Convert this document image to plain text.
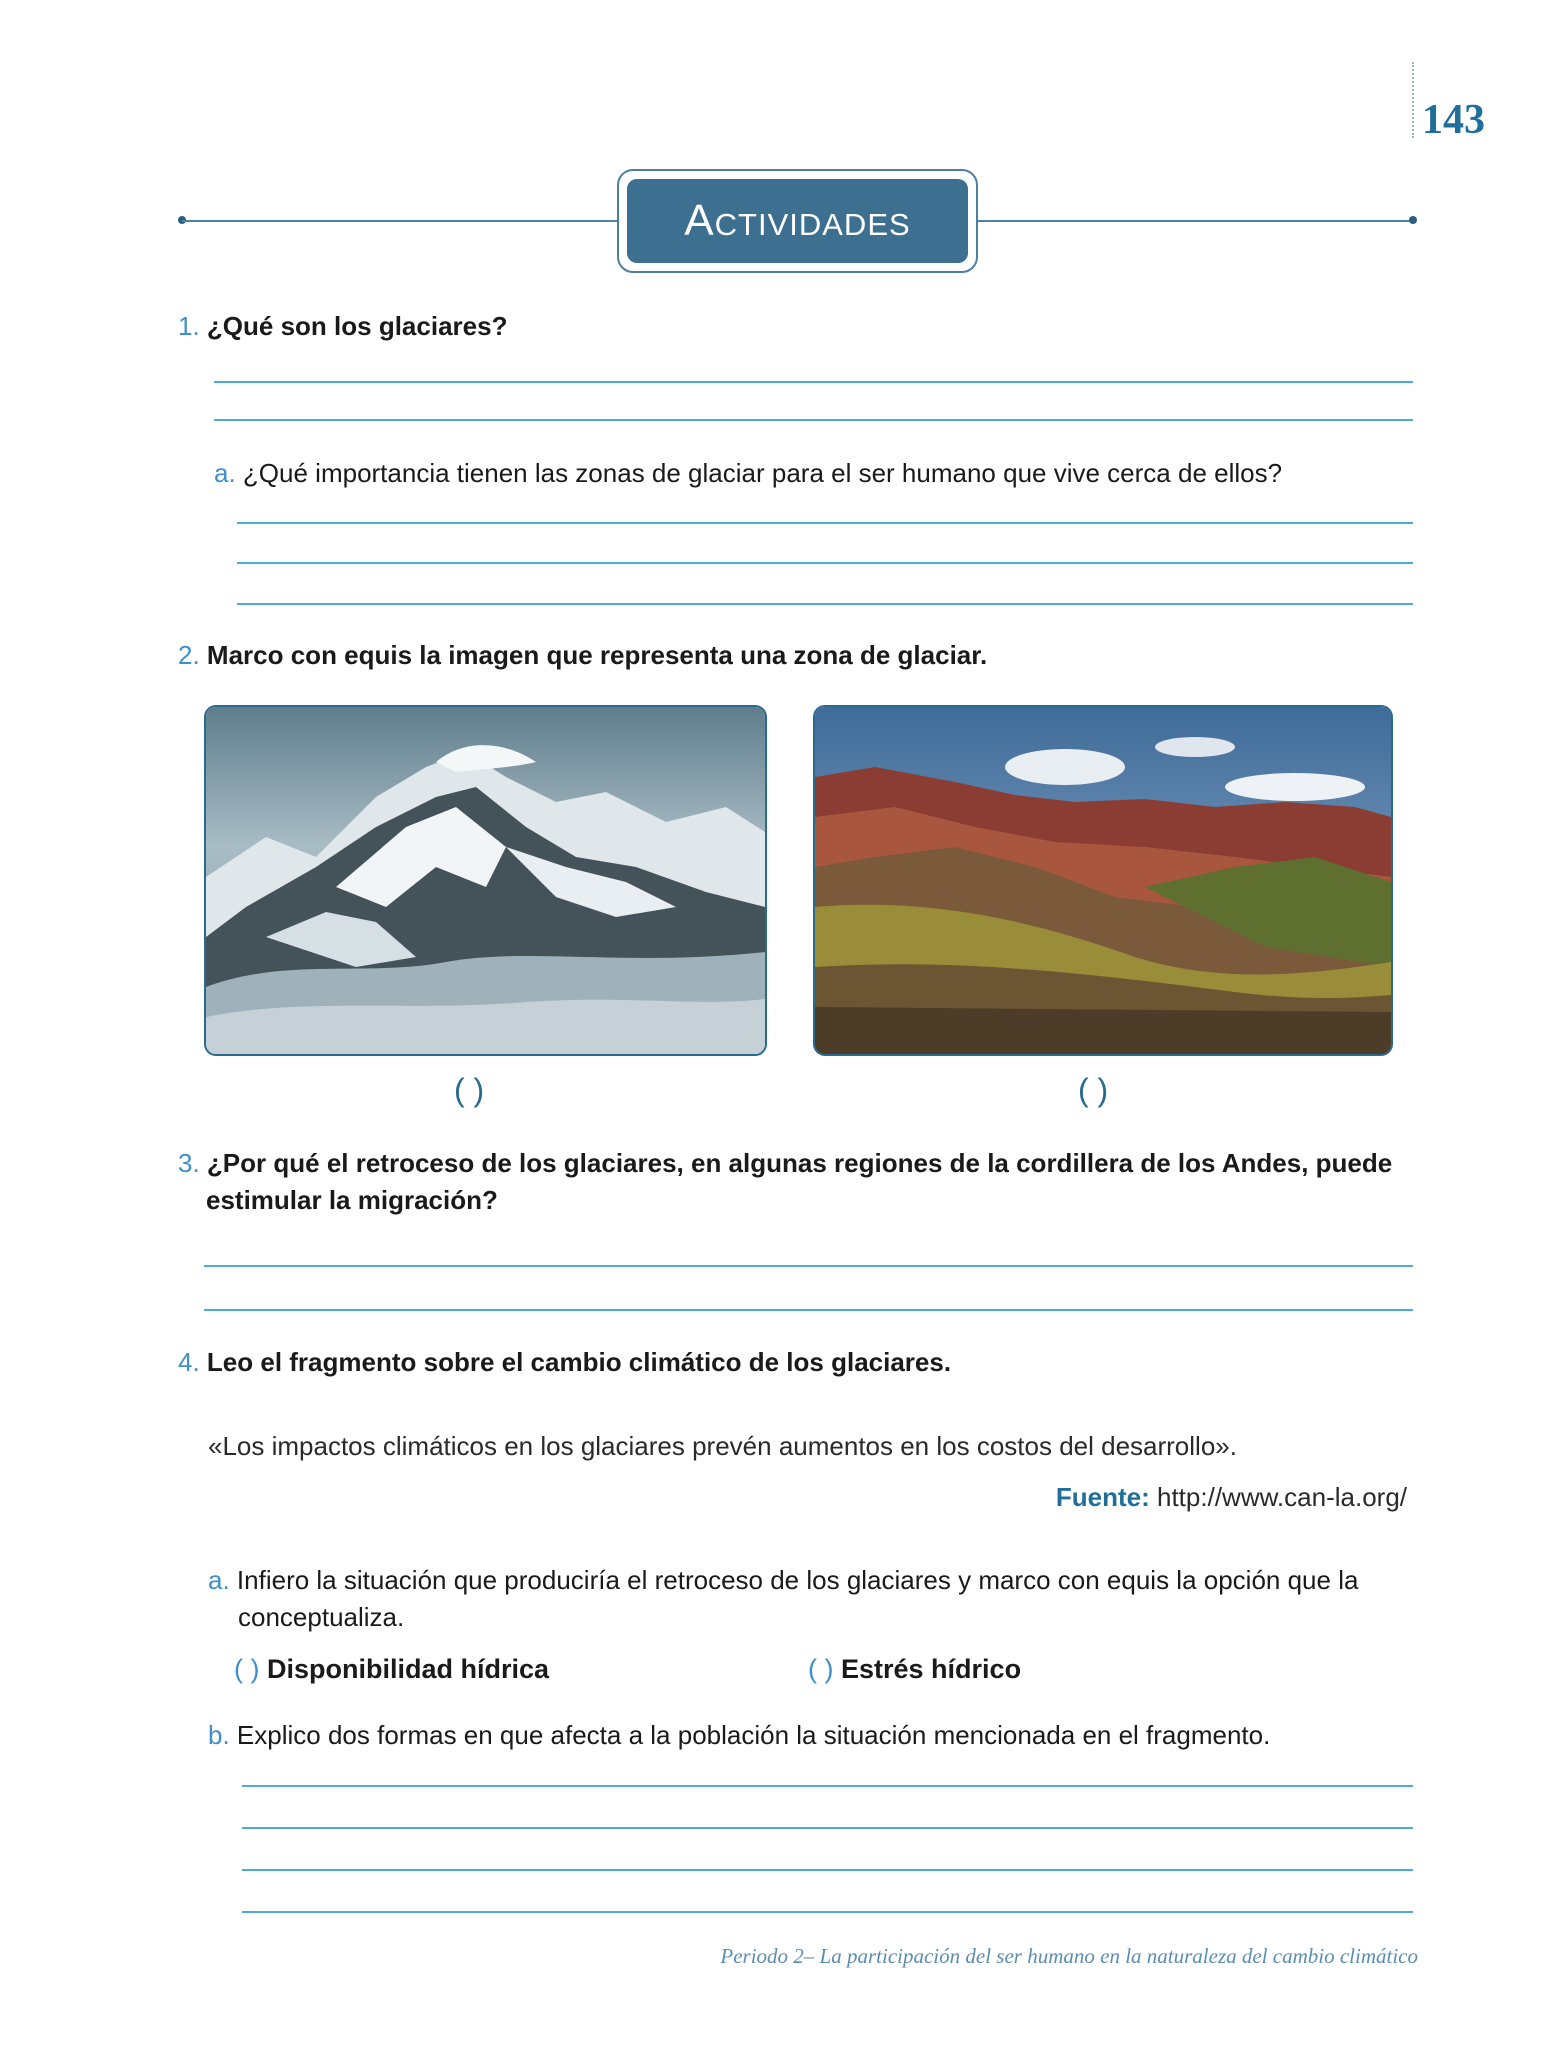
143
Actividades
1. ¿Qué son los glaciares?
a. ¿Qué importancia tienen las zonas de glaciar para el ser humano que vive cerca de ellos?
2. Marco con equis la imagen que representa una zona de glaciar.
( )	( )
3. ¿Por qué el retroceso de los glaciares, en algunas regiones de la cordillera de los Andes, puede
estimular la migración?
4. Leo el fragmento sobre el cambio climático de los glaciares.
«Los impactos climáticos en los glaciares prevén aumentos en los costos del desarrollo».
Fuente: http://www.can-la.org/
a. Infiero la situación que produciría el retroceso de los glaciares y marco con equis la opción que la
conceptualiza.
( ) Disponibilidad hídrica	( ) Estrés hídrico
b. Explico dos formas en que afecta a la población la situación mencionada en el fragmento.
Periodo 2– La participación del ser humano en la naturaleza del cambio climático
